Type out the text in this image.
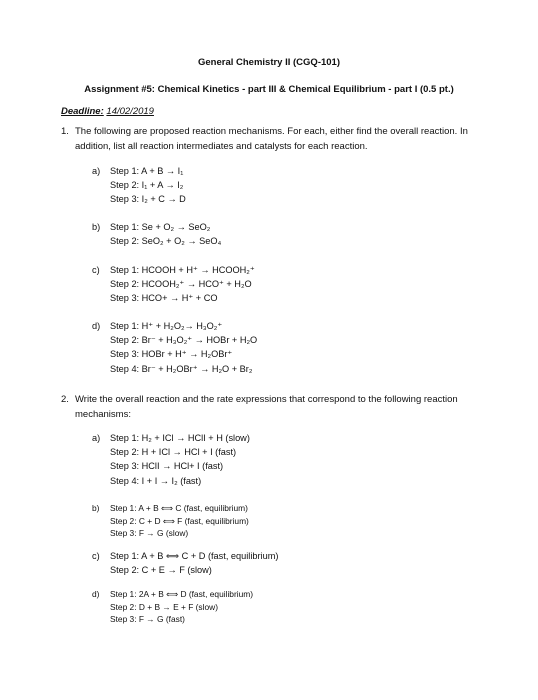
General Chemistry II (CGQ-101)
Assignment #5: Chemical Kinetics - part III & Chemical Equilibrium - part I (0.5 pt.)
Deadline: 14/02/2019
1. The following are proposed reaction mechanisms. For each, either find the overall reaction. In addition, list all reaction intermediates and catalysts for each reaction.
a)	Step 1: A + B → I₁
Step 2: I₁ + A → I₂
Step 3: I₂ + C → D
b)	Step 1: Se + O₂ → SeO₂
Step 2: SeO₂ + O₂ → SeO₄
c)	Step 1: HCOOH + H⁺ → HCOOH₂⁺
Step 2: HCOOH₂⁺ → HCO⁺ + H₂O
Step 3: HCO+ → H⁺ + CO
d)	Step 1: H⁺ + H₂O₂→ H₃O₂⁺
Step 2: Br⁻ + H₃O₂⁺ → HOBr + H₂O
Step 3: HOBr + H⁺ → H₂OBr⁺
Step 4: Br⁻ + H₂OBr⁺ → H₂O + Br₂
2. Write the overall reaction and the rate expressions that correspond to the following reaction mechanisms:
a)	Step 1: H₂ + ICl → HClI + H (slow)
Step 2: H + ICl → HCl + I (fast)
Step 3: HClI → HCl+ I (fast)
Step 4: I + I → I₂ (fast)
b)	Step 1: A + B ⟺ C (fast, equilibrium)
Step 2: C + D ⟺ F (fast, equilibrium)
Step 3: F → G (slow)
c)	Step 1: A + B ⟺ C + D (fast, equilibrium)
Step 2: C + E → F (slow)
d)	Step 1: 2A + B ⟺ D (fast, equilibrium)
Step 2: D + B → E + F (slow)
Step 3: F → G (fast)
